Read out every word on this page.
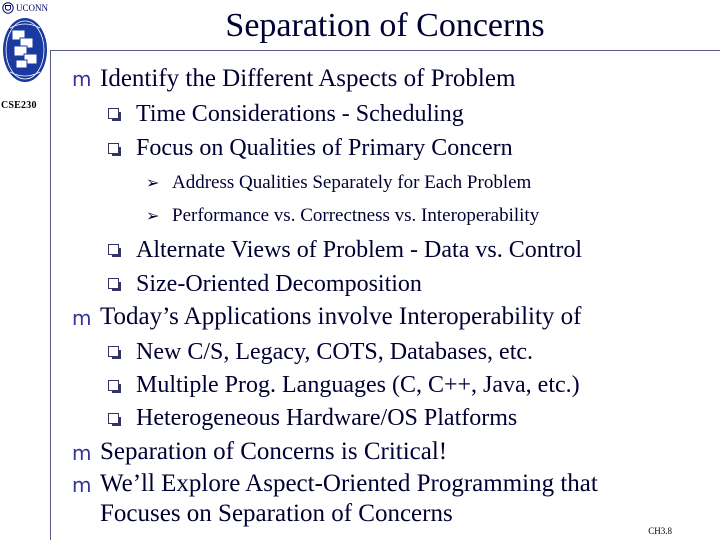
UCONN
CSE230
Separation of Concerns
m Identify the Different Aspects of Problem
Time Considerations - Scheduling
Focus on Qualities of Primary Concern
➢ Address Qualities Separately for Each Problem
➢ Performance vs. Correctness vs. Interoperability
Alternate Views of Problem - Data vs. Control
Size-Oriented Decomposition
m Today’s Applications involve Interoperability of
New C/S, Legacy, COTS, Databases, etc.
Multiple Prog. Languages (C, C++, Java, etc.)
Heterogeneous Hardware/OS Platforms
m Separation of Concerns is Critical!
m We’ll Explore Aspect-Oriented Programming that
Focuses on Separation of Concerns
CH3.8
